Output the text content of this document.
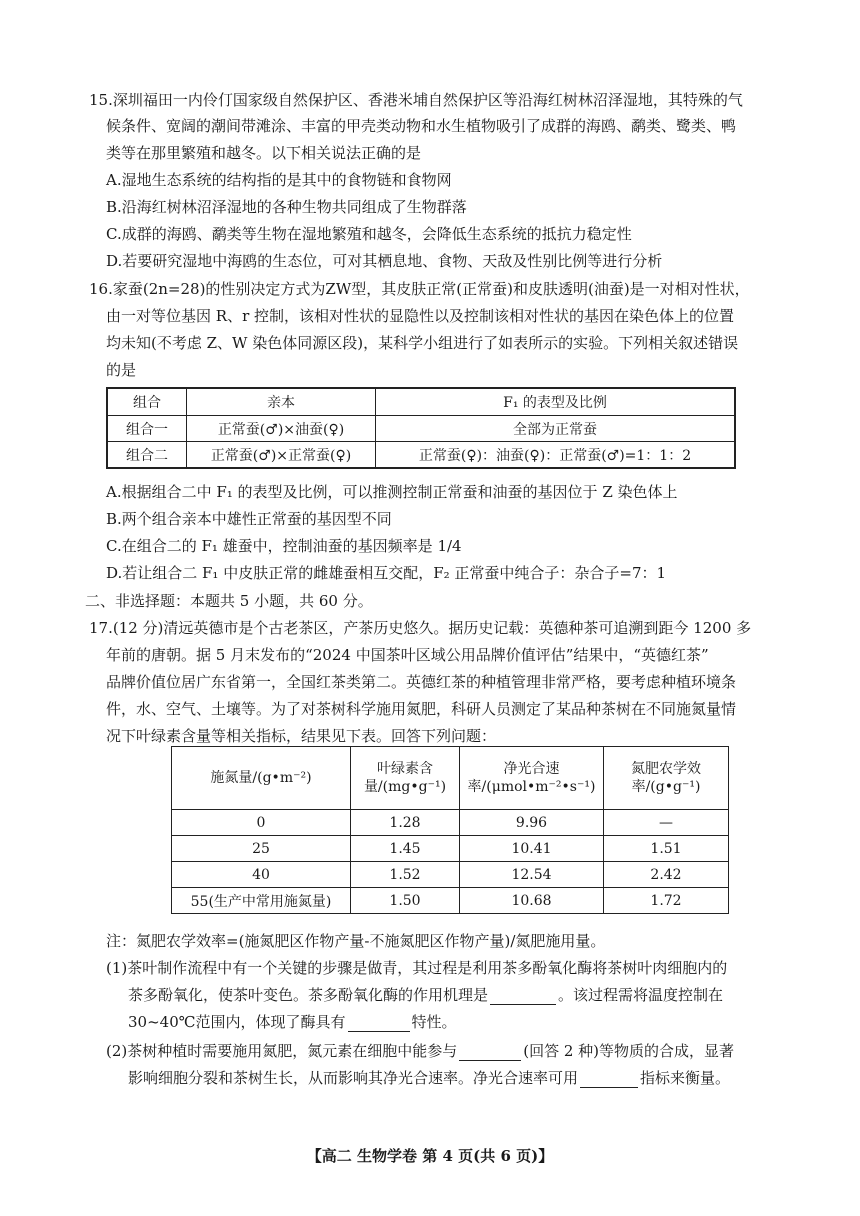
15.深圳福田一内伶仃国家级自然保护区、香港米埔自然保护区等沿海红树林沼泽湿地，其特殊的气
候条件、宽阔的潮间带滩涂、丰富的甲壳类动物和水生植物吸引了成群的海鸥、鹬类、鹭类、鸭
类等在那里繁殖和越冬。以下相关说法正确的是
A.湿地生态系统的结构指的是其中的食物链和食物网
B.沿海红树林沼泽湿地的各种生物共同组成了生物群落
C.成群的海鸥、鹬类等生物在湿地繁殖和越冬，会降低生态系统的抵抗力稳定性
D.若要研究湿地中海鸥的生态位，可对其栖息地、食物、天敌及性别比例等进行分析
16.家蚕(2n=28)的性别决定方式为ZW型，其皮肤正常(正常蚕)和皮肤透明(油蚕)是一对相对性状，
由一对等位基因 R、r 控制，该相对性状的显隐性以及控制该相对性状的基因在染色体上的位置
均未知(不考虑 Z、W 染色体同源区段)，某科学小组进行了如表所示的实验。下列相关叙述错误
的是
组合	亲本	F₁ 的表型及比例
组合一	正常蚕(♂)×油蚕(♀)	全部为正常蚕
组合二	正常蚕(♂)×正常蚕(♀)	正常蚕(♀)：油蚕(♀)：正常蚕(♂)=1：1：2
A.根据组合二中 F₁ 的表型及比例，可以推测控制正常蚕和油蚕的基因位于 Z 染色体上
B.两个组合亲本中雄性正常蚕的基因型不同
C.在组合二的 F₁ 雄蚕中，控制油蚕的基因频率是 1/4
D.若让组合二 F₁ 中皮肤正常的雌雄蚕相互交配，F₂ 正常蚕中纯合子：杂合子=7：1
二、非选择题：本题共 5 小题，共 60 分。
17.(12 分)清远英德市是个古老茶区，产茶历史悠久。据历史记载：英德种茶可追溯到距今 1200 多
年前的唐朝。据 5 月末发布的“2024 中国茶叶区域公用品牌价值评估”结果中，“英德红茶”
品牌价值位居广东省第一，全国红茶类第二。英德红茶的种植管理非常严格，要考虑种植环境条
件，水、空气、土壤等。为了对茶树科学施用氮肥，科研人员测定了某品种茶树在不同施氮量情
况下叶绿素含量等相关指标，结果见下表。回答下列问题：
施氮量/(g•m⁻²)	叶绿素含量/(mg•g⁻¹)	净光合速率/(μmol•m⁻²•s⁻¹)	氮肥农学效率/(g•g⁻¹)
0	1.28	9.96	—
25	1.45	10.41	1.51
40	1.52	12.54	2.42
55(生产中常用施氮量)	1.50	10.68	1.72
注：氮肥农学效率=(施氮肥区作物产量-不施氮肥区作物产量)/氮肥施用量。
(1)茶叶制作流程中有一个关键的步骤是做青，其过程是利用茶多酚氧化酶将茶树叶肉细胞内的
茶多酚氧化，使茶叶变色。茶多酚氧化酶的作用机理是	。该过程需将温度控制在
30~40℃范围内，体现了酶具有	特性。
(2)茶树种植时需要施用氮肥，氮元素在细胞中能参与	(回答 2 种)等物质的合成，显著
影响细胞分裂和茶树生长，从而影响其净光合速率。净光合速率可用	指标来衡量。
【高二 生物学卷 第 4 页(共 6 页)】
